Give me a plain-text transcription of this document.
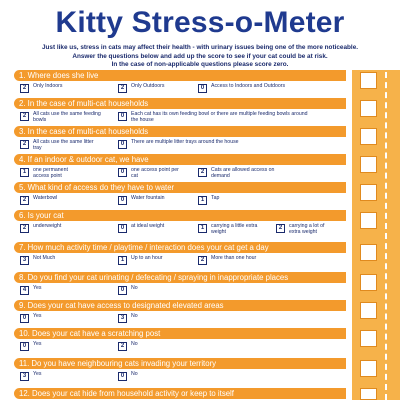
Kitty Stress-o-Meter
Just like us, stress in cats may affect their health - with urinary issues being one of the more noticeable.
Answer the questions below and add up the score to see if your cat could be at risk.
In the case of non-applicable questions please score zero.
1. Where does she live
2	Only Indoors	2	Only Outdoors	0	Access to Indoors and Outdoors
2. In the case of multi-cat households
2	All cats use the same feeding bowls
0	Each cat has its own feeding bowl or there are multiple feeding bowls around the house
3. In the case of multi-cat households
2	All cats use the same litter tray
0	There are multiple litter trays around the house
4. If an indoor & outdoor cat, we have
1	one permanent access point
0	one access point per cat
2	Cats are allowed access on demand
5. What kind of access do they have to water
2	Waterbowl	0	Water fountain	1	Tap
6. Is your cat
2	underweight	0	at ideal weight	1	carrying a little extra weight
2	carrying a lot of extra weight
7. How much activity time / playtime / interaction does your cat get a day
3	Not Much	1	Up to an hour	2	More than one hour
8. Do you find your cat urinating / defecating / spraying in inappropriate places
4	Yes	0	No
9. Does your cat have access to designated elevated areas
0	Yes	3	No
10. Does your cat have a scratching post
0	Yes	2	No
11. Do you have neighbouring cats invading your territory
3	Yes	0	No
12. Does your cat hide from household activity or keep to itself
